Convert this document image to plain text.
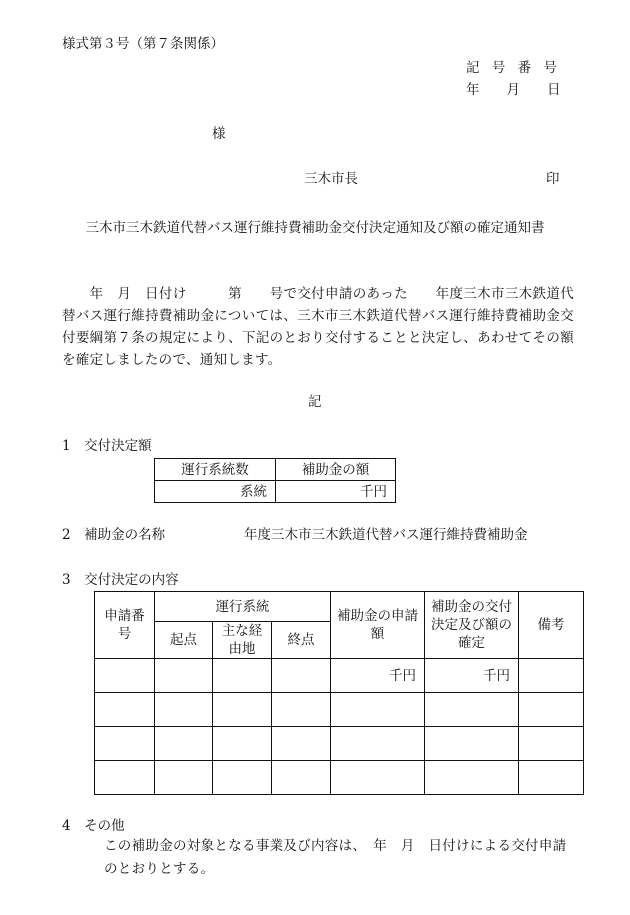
様式第３号（第７条関係）
記 号 番 号
年　　月　　日
様
三木市長	印
三木市三木鉄道代替バス運行維持費補助金交付決定通知及び額の確定通知書
　　年　月　日付け　　　第　　号で交付申請のあった　　年度三木市三木鉄道代替バス運行維持費補助金については、三木市三木鉄道代替バス運行維持費補助金交付要綱第７条の規定により、下記のとおり交付することと決定し、あわせてその額を確定しましたので、通知します。
記
1　交付決定額
運行系統数	補助金の額
系統	千円
2　補助金の名称	年度三木市三木鉄道代替バス運行維持費補助金
3　交付決定の内容
申請番号	運行系統			補助金の申請額	補助金の交付決定及び額の確定	備考
	起点	主な経由地	終点			
				千円	千円	

4　その他
この補助金の対象となる事業及び内容は、　年　月　日付けによる交付申請のとおりとする。
